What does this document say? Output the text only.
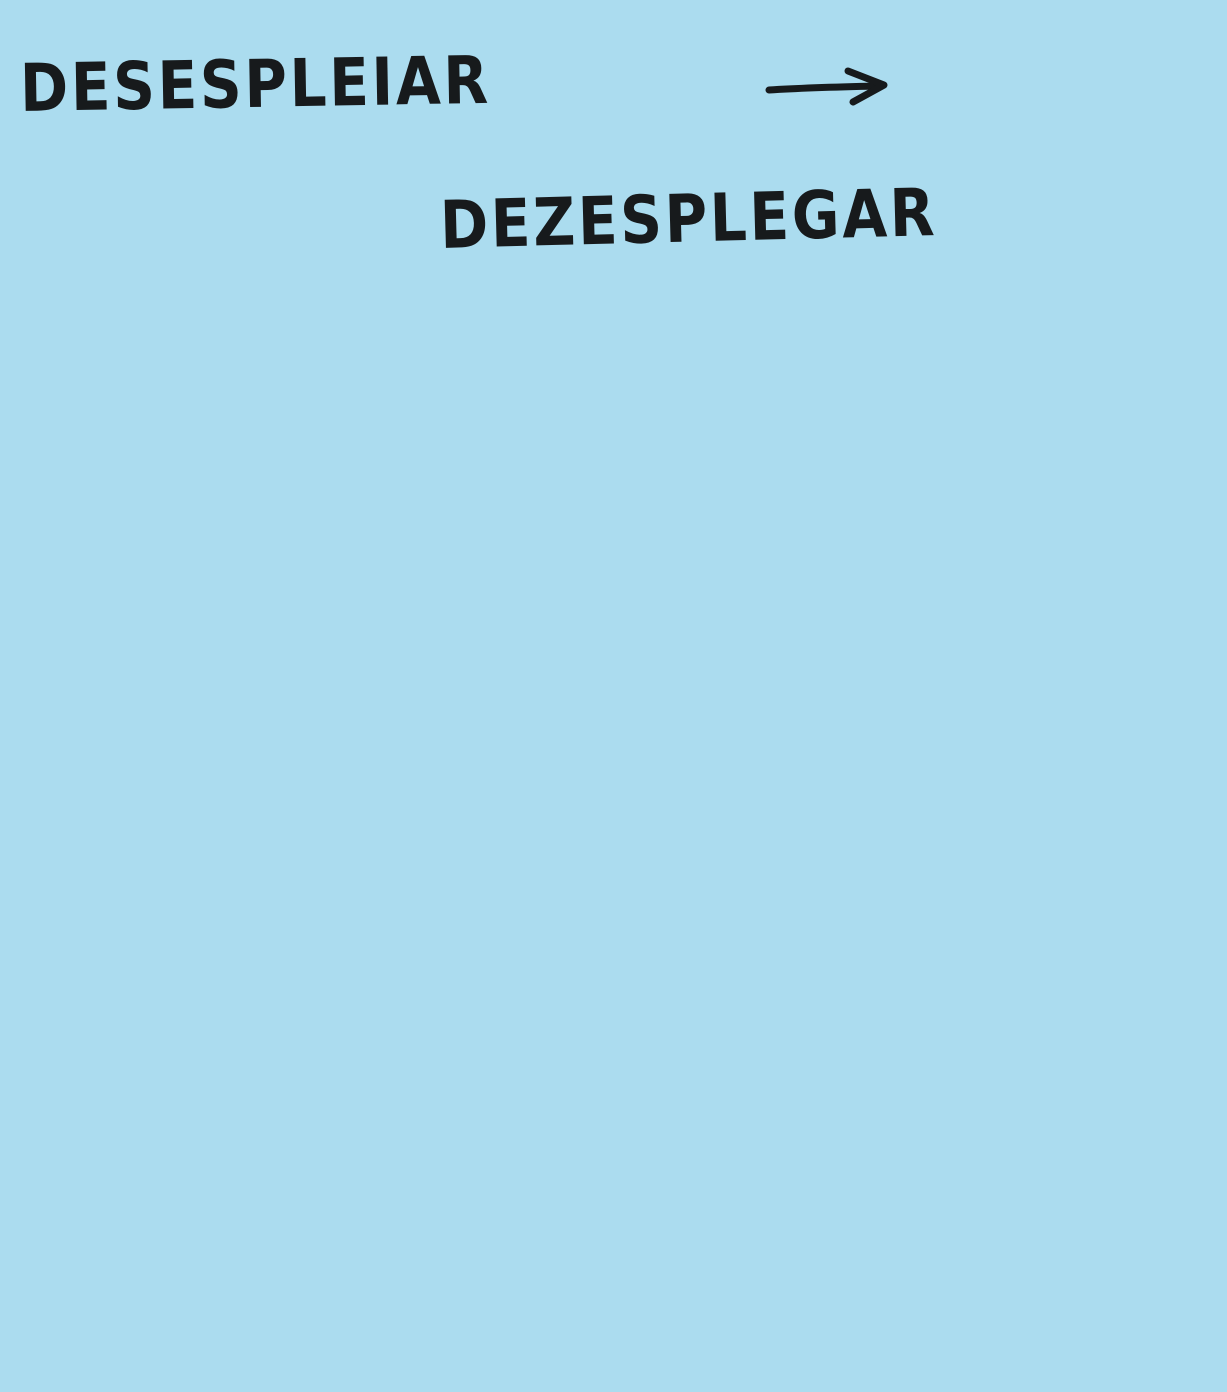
DESESPLEIAR
DEZESPLEGAR
